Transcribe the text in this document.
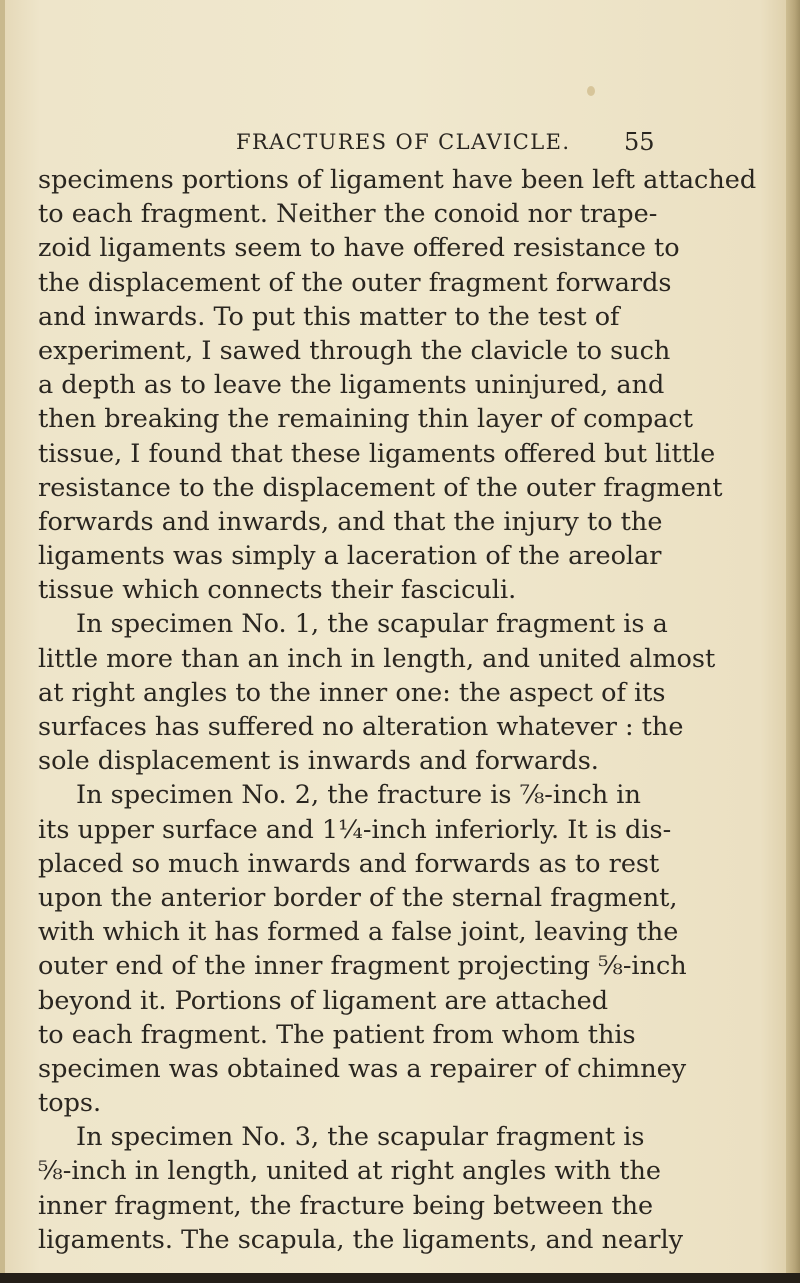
FRACTURES OF CLAVICLE. 55
specimens portions of ligament have been left attached
to each fragment. Neither the conoid nor trape-
zoid ligaments seem to have offered resistance to
the displacement of the outer fragment forwards
and inwards. To put this matter to the test of
experiment, I sawed through the clavicle to such
a depth as to leave the ligaments uninjured, and
then breaking the remaining thin layer of compact
tissue, I found that these ligaments offered but little
resistance to the displacement of the outer fragment
forwards and inwards, and that the injury to the
ligaments was simply a laceration of the areolar
tissue which connects their fasciculi.
In specimen No. 1, the scapular fragment is a
little more than an inch in length, and united almost
at right angles to the inner one: the aspect of its
surfaces has suffered no alteration whatever : the
sole displacement is inwards and forwards.
In specimen No. 2, the fracture is ⅞-inch in
its upper surface and 1¼-inch inferiorly. It is dis-
placed so much inwards and forwards as to rest
upon the anterior border of the sternal fragment,
with which it has formed a false joint, leaving the
outer end of the inner fragment projecting ⅝-inch
beyond it. Portions of ligament are attached
to each fragment. The patient from whom this
specimen was obtained was a repairer of chimney
tops.
In specimen No. 3, the scapular fragment is
⅝-inch in length, united at right angles with the
inner fragment, the fracture being between the
ligaments. The scapula, the ligaments, and nearly
